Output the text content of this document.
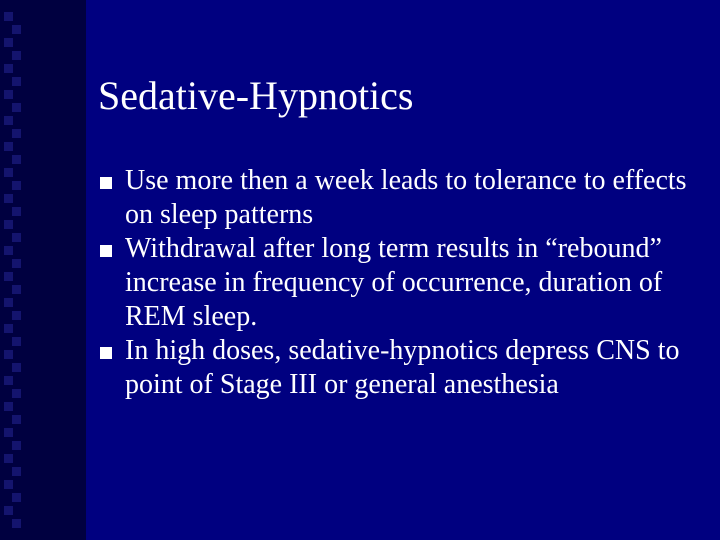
Sedative-Hypnotics
Use more then a week leads to tolerance to effects on sleep patterns
Withdrawal after long term results in “rebound” increase in frequency of occurrence, duration of REM sleep.
In high doses, sedative-hypnotics depress CNS to point of Stage III or general anesthesia
